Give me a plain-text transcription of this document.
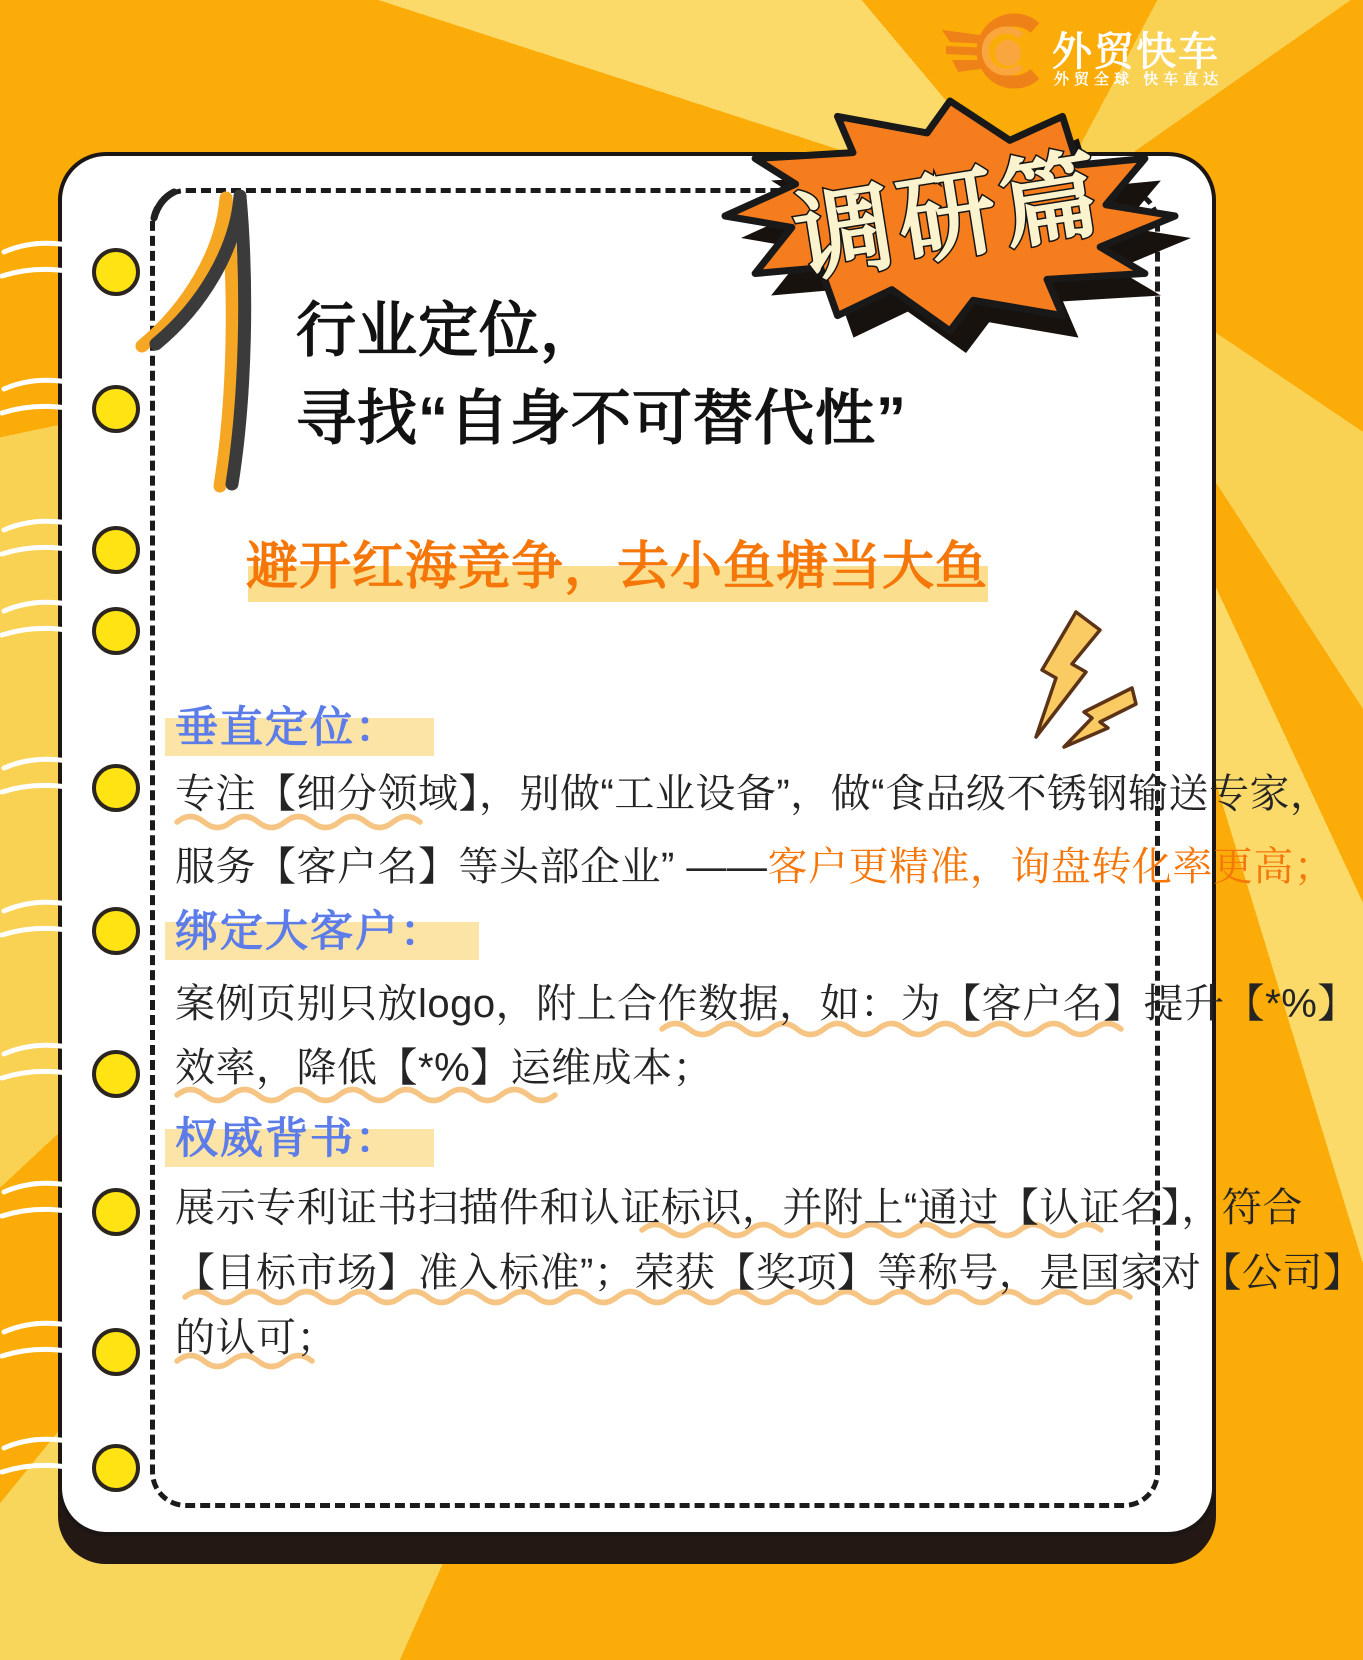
外贸快车
外贸全球 快车直达
调研篇
行业定位，
寻找“自身不可替代性”
避开红海竞争，去小鱼塘当大鱼
垂直定位：
专注【细分领域】，别做“工业设备”，做“食品级不锈钢输送专家，
服务【客户名】等头部企业” ——客户更精准，询盘转化率更高；
绑定大客户：
案例页别只放logo，附上合作数据，如：为【客户名】提升【*%】
效率，降低【*%】运维成本；
权威背书：
展示专利证书扫描件和认证标识，并附上“通过【认证名】，符合
【目标市场】准入标准”；荣获【奖项】等称号，是国家对【公司】
的认可；
